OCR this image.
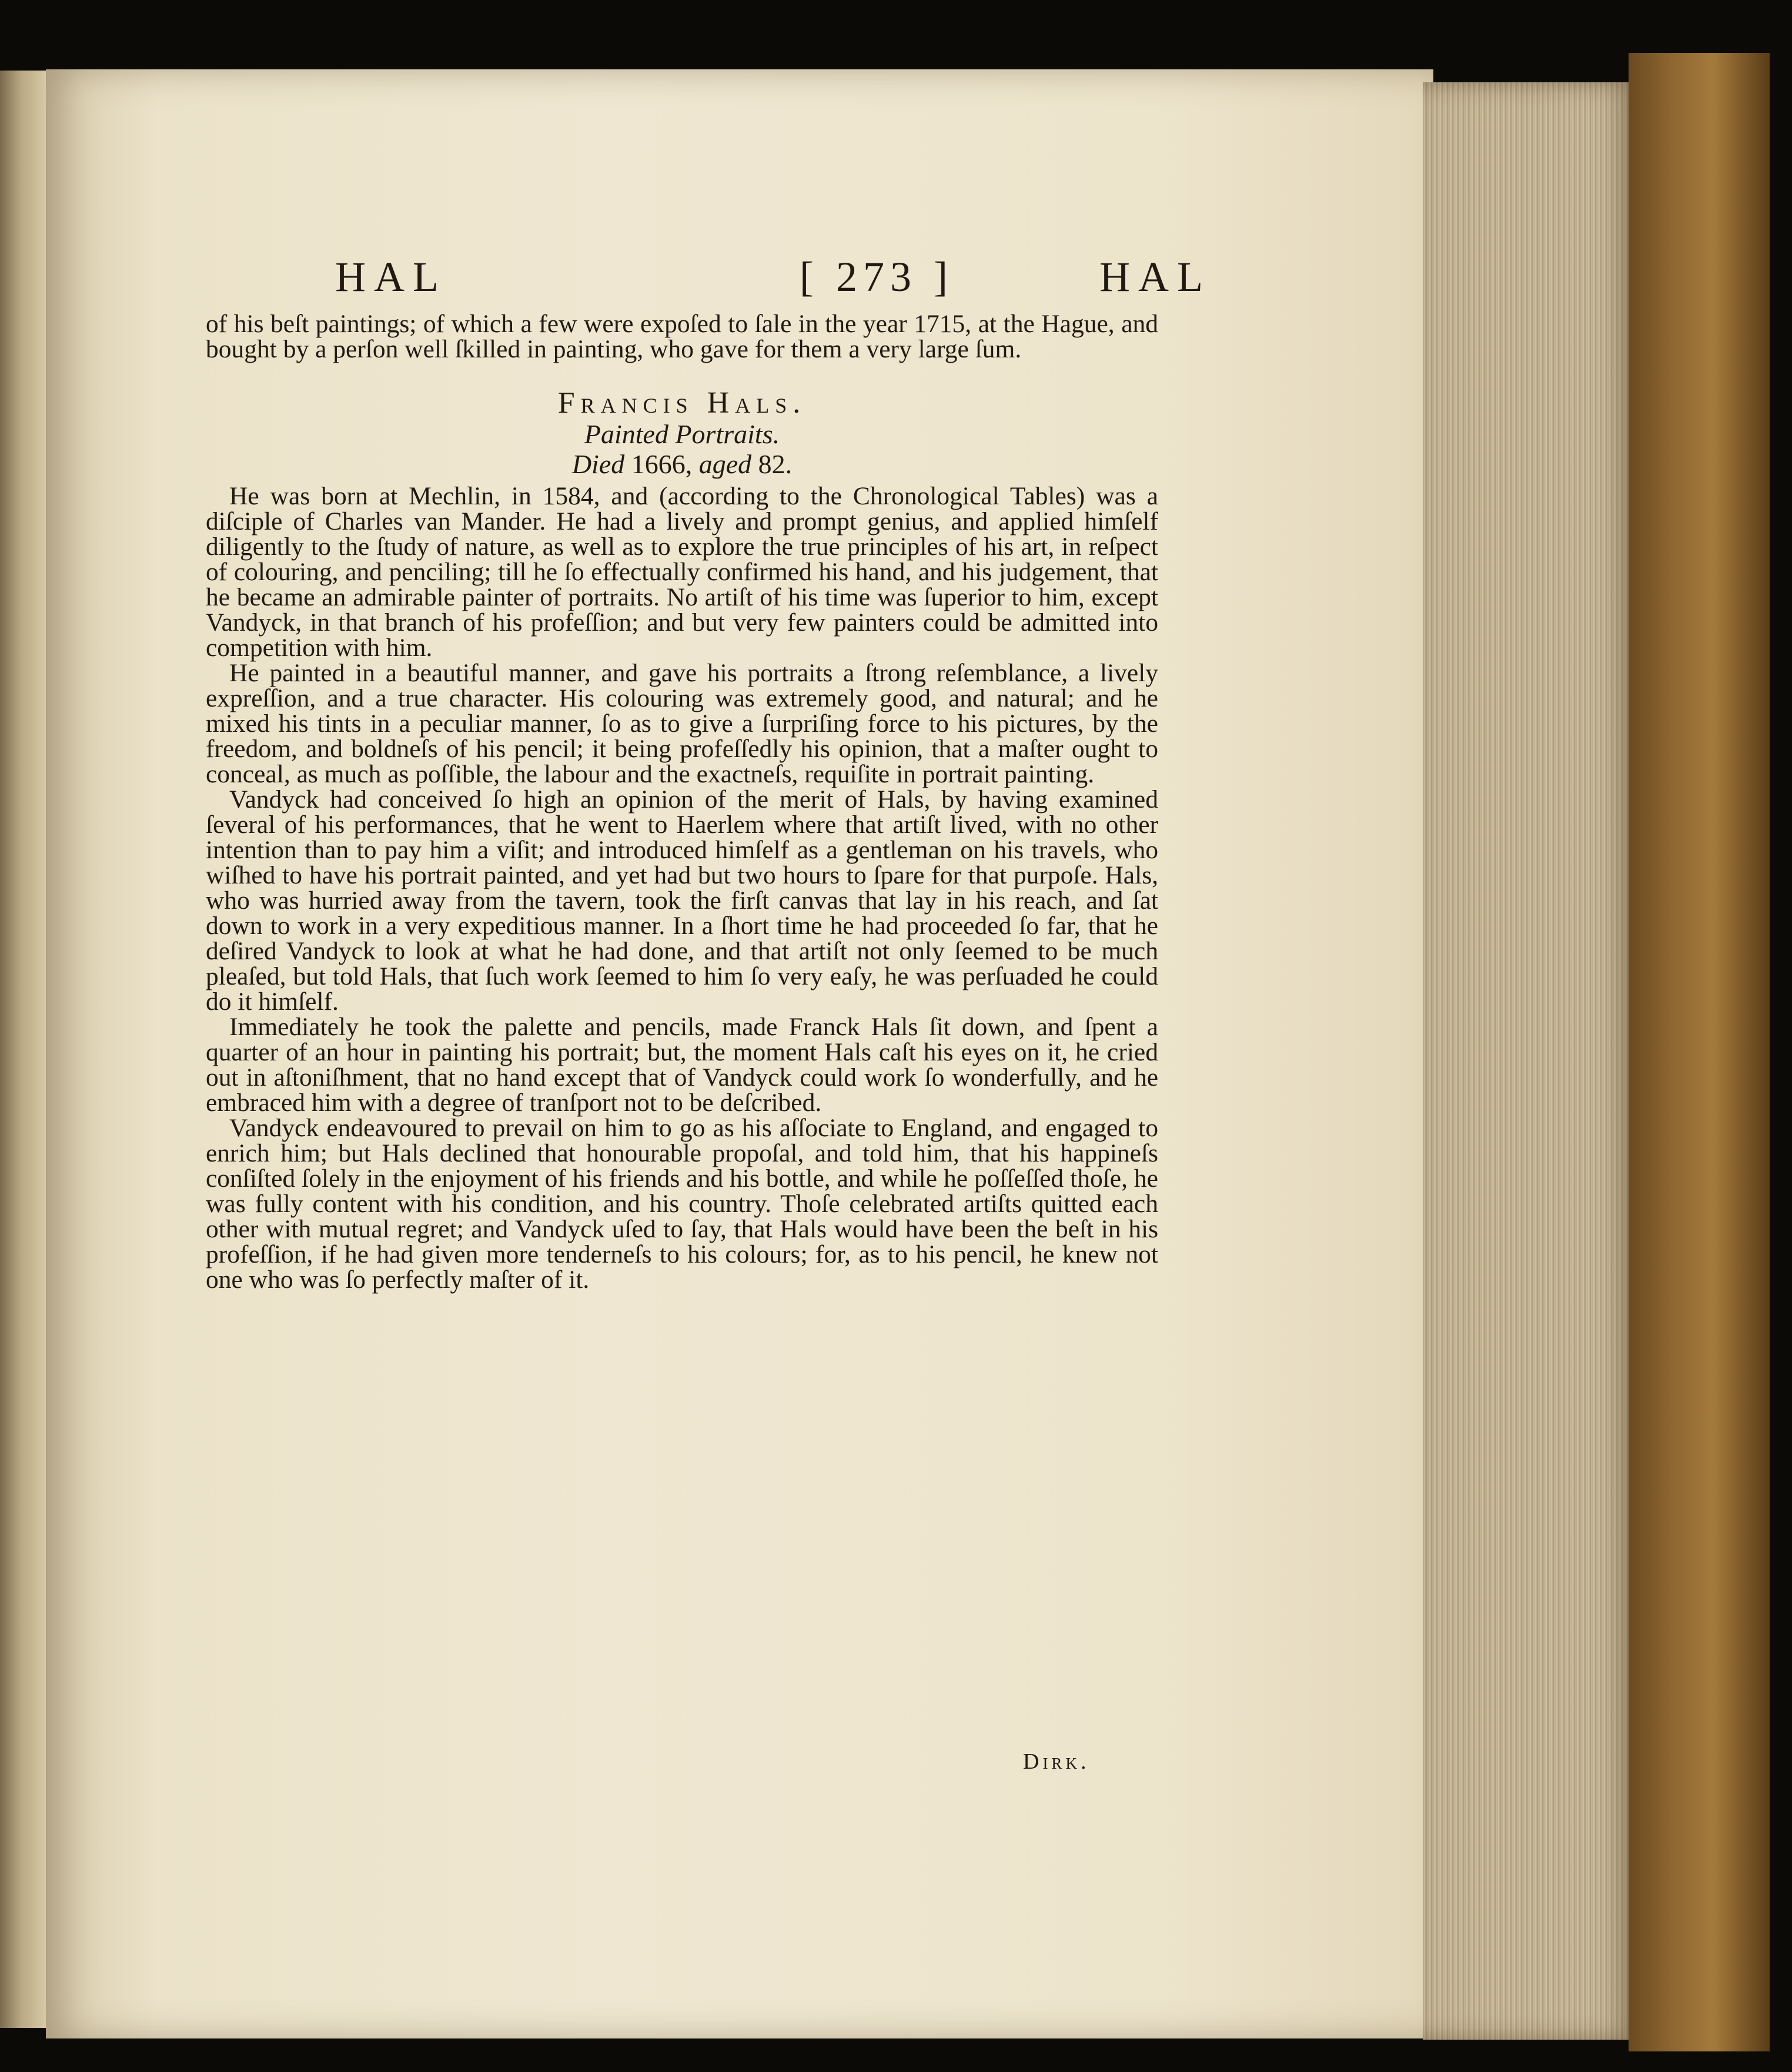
HAL	[ 273 ]	HAL

of his beſt paintings; of which a few were expoſed to ſale in the year 1715, at the Hague, and bought by a perſon well ſkilled in painting, who gave for them a very large ſum.

Francis Hals.
Painted Portraits.
Died 1666, aged 82.

He was born at Mechlin, in 1584, and (according to the Chronological Tables) was a diſciple of Charles van Mander. He had a lively and prompt genius, and applied himſelf diligently to the ſtudy of nature, as well as to explore the true principles of his art, in reſpect of colouring, and penciling; till he ſo effectually confirmed his hand, and his judgement, that he became an admirable painter of portraits. No artiſt of his time was ſuperior to him, except Vandyck, in that branch of his profeſſion; and but very few painters could be admitted into competition with him.

He painted in a beautiful manner, and gave his portraits a ſtrong reſemblance, a lively expreſſion, and a true character. His colouring was extremely good, and natural; and he mixed his tints in a peculiar manner, ſo as to give a ſurpriſing force to his pictures, by the freedom, and boldneſs of his pencil; it being profeſſedly his opinion, that a maſter ought to conceal, as much as poſſible, the labour and the exactneſs, requiſite in portrait painting.

Vandyck had conceived ſo high an opinion of the merit of Hals, by having examined ſeveral of his performances, that he went to Haerlem where that artiſt lived, with no other intention than to pay him a viſit; and introduced himſelf as a gentleman on his travels, who wiſhed to have his portrait painted, and yet had but two hours to ſpare for that purpoſe. Hals, who was hurried away from the tavern, took the firſt canvas that lay in his reach, and ſat down to work in a very expeditious manner. In a ſhort time he had proceeded ſo far, that he deſired Vandyck to look at what he had done, and that artiſt not only ſeemed to be much pleaſed, but told Hals, that ſuch work ſeemed to him ſo very eaſy, he was perſuaded he could do it himſelf.

Immediately he took the palette and pencils, made Franck Hals ſit down, and ſpent a quarter of an hour in painting his portrait; but, the moment Hals caſt his eyes on it, he cried out in aſtoniſhment, that no hand except that of Vandyck could work ſo wonderfully, and he embraced him with a degree of tranſport not to be deſcribed.

Vandyck endeavoured to prevail on him to go as his aſſociate to England, and engaged to enrich him; but Hals declined that honourable propoſal, and told him, that his happineſs conſiſted ſolely in the enjoyment of his friends and his bottle, and while he poſſeſſed thoſe, he was fully content with his condition, and his country. Thoſe celebrated artiſts quitted each other with mutual regret; and Vandyck uſed to ſay, that Hals would have been the beſt in his profeſſion, if he had given more tenderneſs to his colours; for, as to his pencil, he knew not one who was ſo perfectly maſter of it.

Dirk.
